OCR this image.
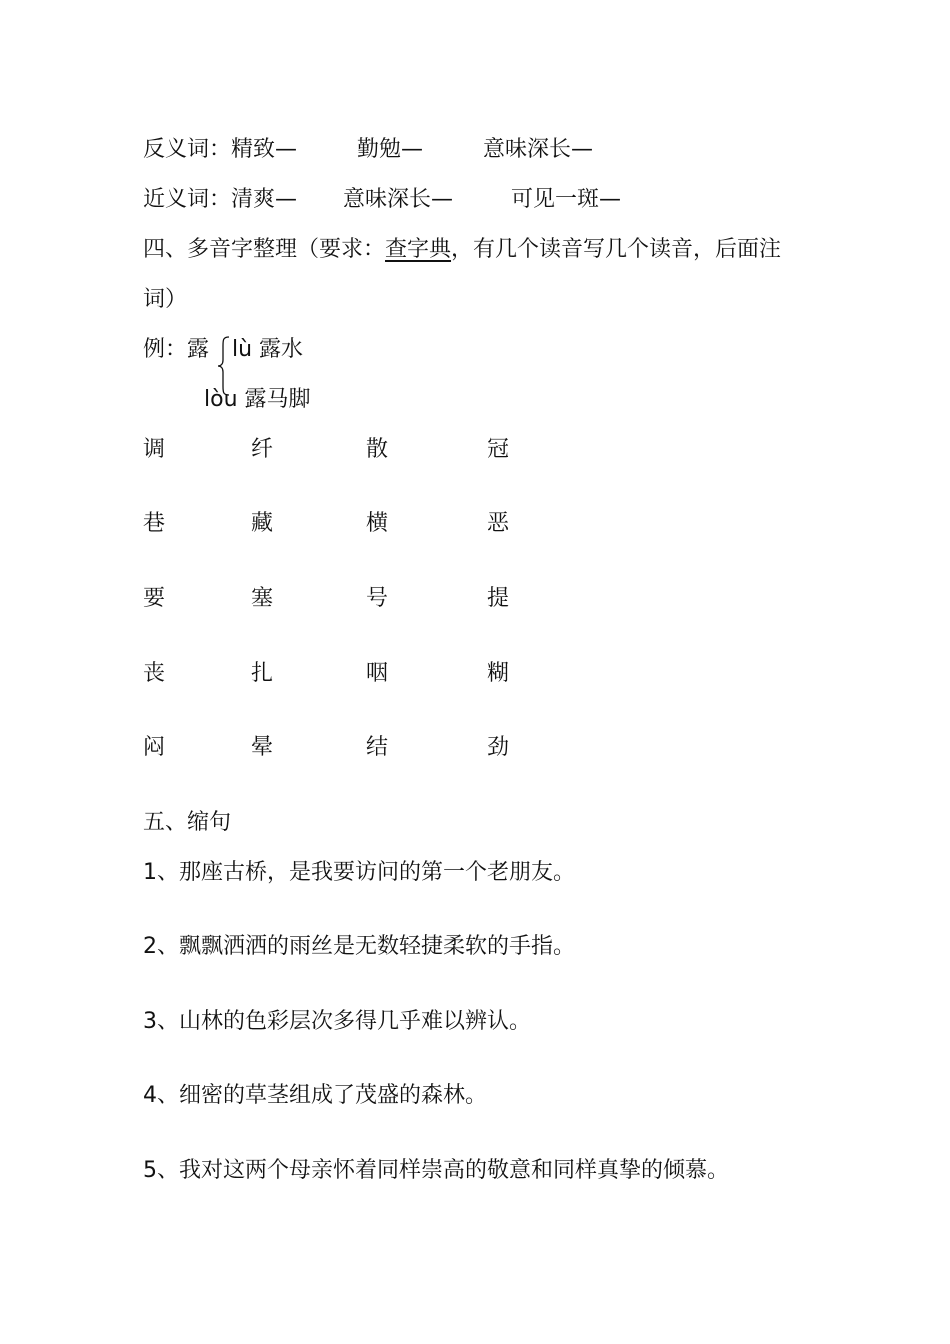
反义词：精致—	勤勉—	意味深长—
近义词：清爽— 意味深长—	可见一斑—
四、多音字整理（要求：查字典，有几个读音写几个读音，后面注
词）
例：露 lù 露水
lòu 露马脚
调	纤	散	冠
巷	藏	横	恶
要	塞	号	提
丧	扎	咽	糊
闷	晕	结	劲
五、缩句
1、那座古桥，是我要访问的第一个老朋友。
2、飘飘洒洒的雨丝是无数轻捷柔软的手指。
3、山林的色彩层次多得几乎难以辨认。
4、细密的草茎组成了茂盛的森林。
5、我对这两个母亲怀着同样崇高的敬意和同样真挚的倾慕。
